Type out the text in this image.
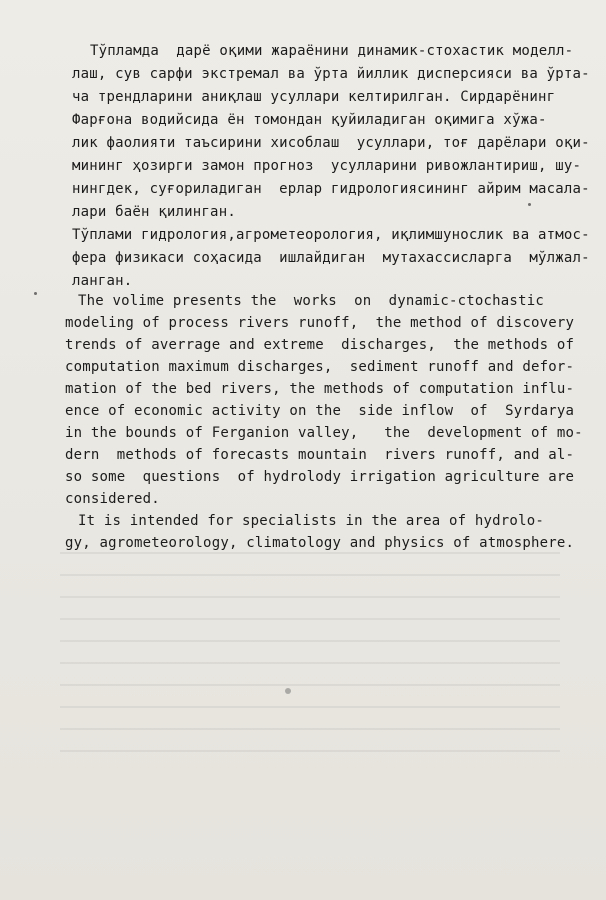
Тўпламда  дарё оқими жараёнини динамик-стохастик моделл-
лаш, сув сарфи экстремал ва ўрта йиллик дисперсияси ва ўрта-
ча трендларини аниқлаш усуллари келтирилган. Сирдарёнинг
Фарғона водийсида ён томондан қуйиладиган оқимига хўжа-
лик фаолияти таъсирини хисоблаш  усуллари, тоғ дарёлари оқи-
мининг ҳозирги замон прогноз  усулларини ривожлантириш, шу-
нингдек, суғориладиган  ерлар гидрологиясининг айрим масала-
лари баён қилинган.
Тўплами гидрология,агрометеорология, иқлимшунослик ва атмос-
фера физикаси соҳасида  ишлайдиган  мутахассисларга  мўлжал-
ланган.
The volime presents the  works  on  dynamic-ctochastic
modeling of process rivers runoff,  the method of discovery
trends of averrage and extreme  discharges,  the methods of
computation maximum discharges,  sediment runoff and defor-
mation of the bed rivers, the methods of computation influ-
ence of economic activity on the  side inflow  of  Syrdarya
in the bounds of Ferganion valley,   the  development of mo-
dern  methods of forecasts mountain  rivers runoff, and al-
so some  questions  of hydrolody irrigation agriculture are
considered.
It is intended for specialists in the area of hydrolo-
gy, agrometeorology, climatology and physics of atmosphere.
